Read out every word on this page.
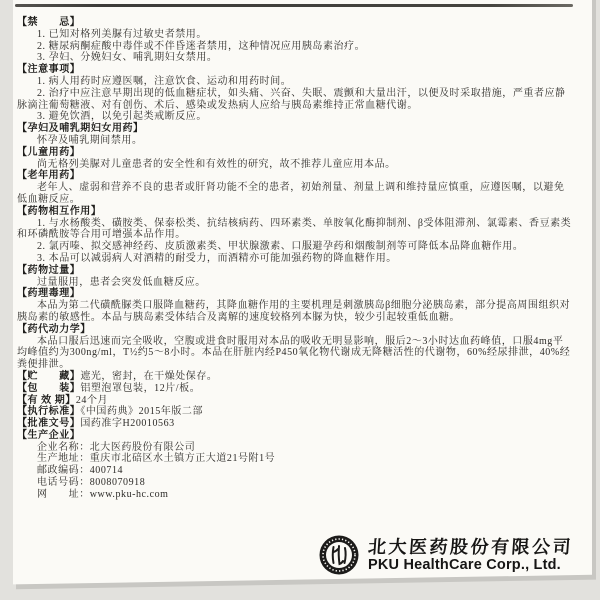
【禁　　忌】

1. 已知对格列美脲有过敏史者禁用。

2. 糖尿病酮症酸中毒伴或不伴昏迷者禁用，这种情况应用胰岛素治疗。

3. 孕妇、分娩妇女、哺乳期妇女禁用。

【注意事项】

1. 病人用药时应遵医嘱，注意饮食、运动和用药时间。

2. 治疗中应注意早期出现的低血糖症状，如头痛、兴奋、失眠、震颤和大量出汗，以便及时采取措施，严重者应静脉滴注葡萄糖液、对有创伤、术后、感染或发热病人应给与胰岛素维持正常血糖代谢。

3. 避免饮酒，以免引起类戒断反应。

【孕妇及哺乳期妇女用药】

怀孕及哺乳期间禁用。

【儿童用药】

尚无格列美脲对儿童患者的安全性和有效性的研究，故不推荐儿童应用本品。

【老年用药】

老年人、虚弱和营养不良的患者或肝肾功能不全的患者，初始剂量、剂量上调和维持量应慎重，应遵医嘱，以避免低血糖反应。

【药物相互作用】

1. 与水杨酸类、磺胺类、保泰松类、抗结核病药、四环素类、单胺氧化酶抑制剂、β受体阻滞剂、氯霉素、香豆素类和环磷酰胺等合用可增强本品作用。

2. 氯丙嗪、拟交感神经药、皮质激素类、甲状腺激素、口服避孕药和烟酸制剂等可降低本品降血糖作用。

3. 本品可以减弱病人对酒精的耐受力，而酒精亦可能加强药物的降血糖作用。

【药物过量】

过量服用，患者会突发低血糖反应。

【药理毒理】

本品为第二代磺酰脲类口服降血糖药，其降血糖作用的主要机理是刺激胰岛β细胞分泌胰岛素，部分提高周围组织对胰岛素的敏感性。本品与胰岛素受体结合及离解的速度较格列本脲为快，较少引起较重低血糖。

【药代动力学】

本品口服后迅速而完全吸收，空腹或进食时服用对本品的吸收无明显影响，服后2～3小时达血药峰值，口服4mg平均峰值约为300ng/ml，T½约5～8小时。本品在肝脏内经P450氧化物代谢成无降糖活性的代谢物，60%经尿排泄，40%经粪便排泄。

【贮　　藏】遮光，密封，在干燥处保存。

【包　　装】铝塑泡罩包装，12片/板。

【有 效 期】24个月

【执行标准】《中国药典》2015年版二部

【批准文号】国药准字H20010563

【生产企业】

企业名称：北大医药股份有限公司

生产地址：重庆市北碚区水土镇方正大道21号附1号

邮政编码：400714

电话号码：8008070918

网　　址：www.pku-hc.com

北大医药股份有限公司
PKU HealthCare Corp., Ltd.
